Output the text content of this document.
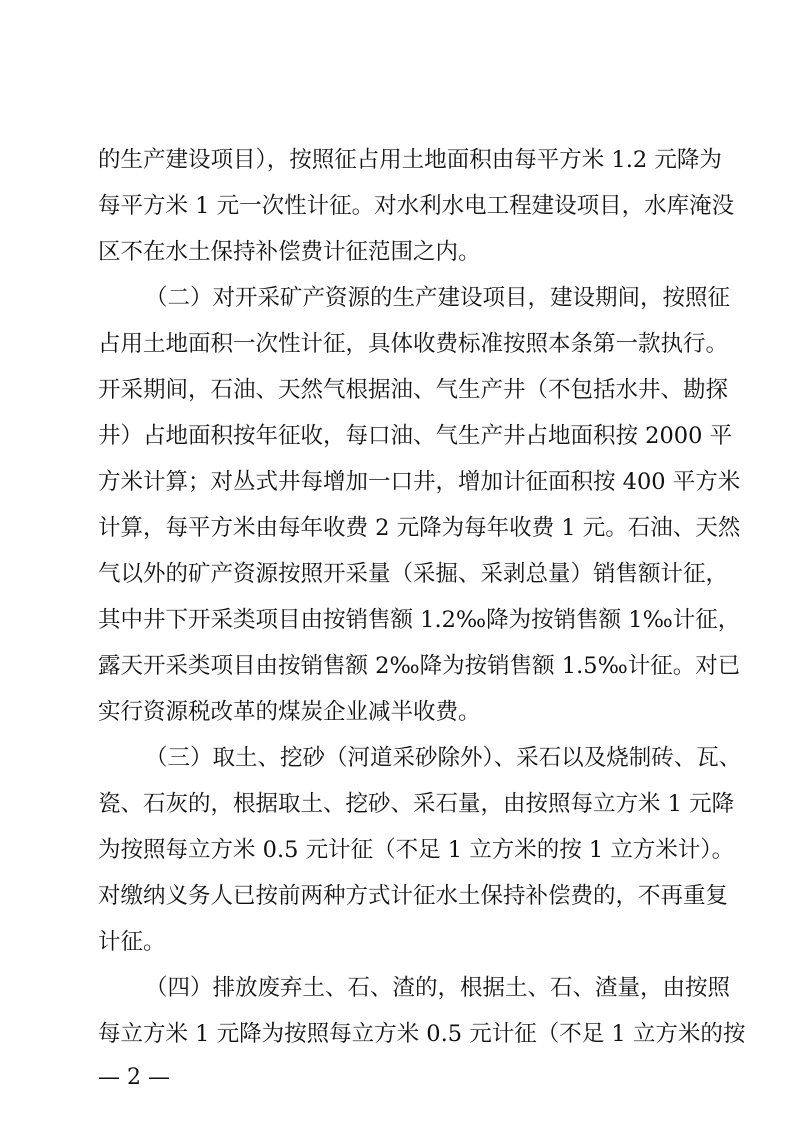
的生产建设项目），按照征占用土地面积由每平方米 1.2 元降为
每平方米 1 元一次性计征。对水利水电工程建设项目，水库淹没
区不在水土保持补偿费计征范围之内。
（二）对开采矿产资源的生产建设项目，建设期间，按照征
占用土地面积一次性计征，具体收费标准按照本条第一款执行。
开采期间，石油、天然气根据油、气生产井（不包括水井、勘探
井）占地面积按年征收，每口油、气生产井占地面积按 2000 平
方米计算；对丛式井每增加一口井，增加计征面积按 400 平方米
计算，每平方米由每年收费 2 元降为每年收费 1 元。石油、天然
气以外的矿产资源按照开采量（采掘、采剥总量）销售额计征，
其中井下开采类项目由按销售额 1.2‰降为按销售额 1‰计征，
露天开采类项目由按销售额 2‰降为按销售额 1.5‰计征。对已
实行资源税改革的煤炭企业减半收费。
（三）取土、挖砂（河道采砂除外）、采石以及烧制砖、瓦、
瓷、石灰的，根据取土、挖砂、采石量，由按照每立方米 1 元降
为按照每立方米 0.5 元计征（不足 1 立方米的按 1 立方米计）。
对缴纳义务人已按前两种方式计征水土保持补偿费的，不再重复
计征。
（四）排放废弃土、石、渣的，根据土、石、渣量，由按照
每立方米 1 元降为按照每立方米 0.5 元计征（不足 1 立方米的按
— 2 —
